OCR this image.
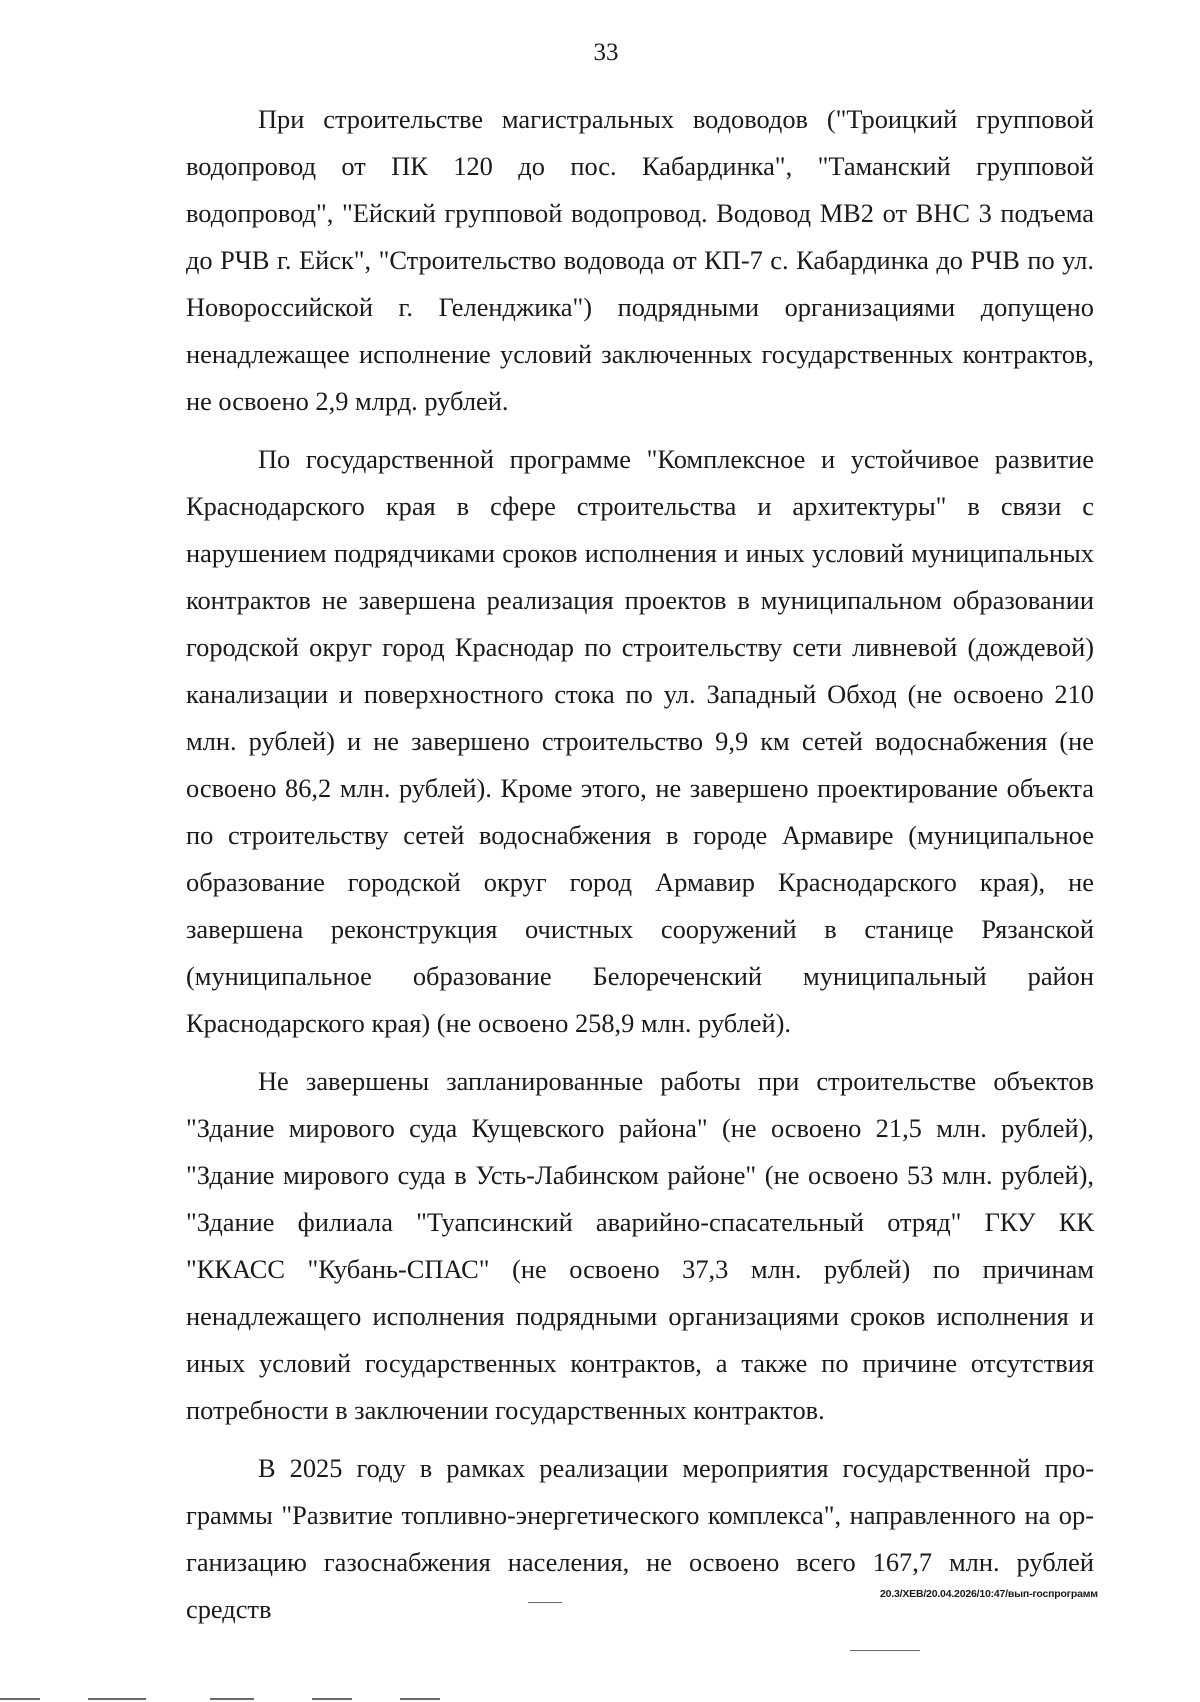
33

При строительстве магистральных водоводов ("Троицкий групповой водопровод от ПК 120 до пос. Кабардинка", "Таманский групповой водопровод", "Ейский групповой водопровод. Водовод МВ2 от ВНС 3 подъема до РЧВ г. Ейск", "Строительство водовода от КП-7 с. Кабардинка до РЧВ по ул. Новороссийской г. Геленджика") подрядными организациями допущено ненадлежащее исполнение условий заключенных государственных контрактов, не освоено 2,9 млрд. рублей.

По государственной программе "Комплексное и устойчивое развитие Краснодарского края в сфере строительства и архитектуры" в связи с нарушением подрядчиками сроков исполнения и иных условий муниципальных контрактов не завершена реализация проектов в муниципальном образовании городской округ город Краснодар по строительству сети ливневой (дождевой) канализации и поверхностного стока по ул. Западный Обход (не освоено 210 млн. рублей) и не завершено строительство 9,9 км сетей водоснабжения (не освоено 86,2 млн. рублей). Кроме этого, не завершено проектирование объекта по строительству сетей водоснабжения в городе Армавире (муниципальное образование городской округ город Армавир Краснодарского края), не завершена реконструкция очистных сооружений в станице Рязанской (муниципальное образование Белореченский муниципальный район Краснодарского края) (не освоено 258,9 млн. рублей).

Не завершены запланированные работы при строительстве объектов "Здание мирового суда Кущевского района" (не освоено 21,5 млн. рублей), "Здание мирового суда в Усть-Лабинском районе" (не освоено 53 млн. рублей), "Здание филиала "Туапсинский аварийно-спасательный отряд" ГКУ КК "ККАСС "Кубань-СПАС" (не освоено 37,3 млн. рублей) по причинам ненадлежащего исполнения подрядными организациями сроков исполнения и иных условий государственных контрактов, а также по причине отсутствия потребности в заключении государственных контрактов.

В 2025 году в рамках реализации мероприятия государственной программы "Развитие топливно-энергетического комплекса", направленного на организацию газоснабжения населения, не освоено всего 167,7 млн. рублей средств	20.3/ХЕВ/20.04.2026/10:47/вып-госпрограмм
